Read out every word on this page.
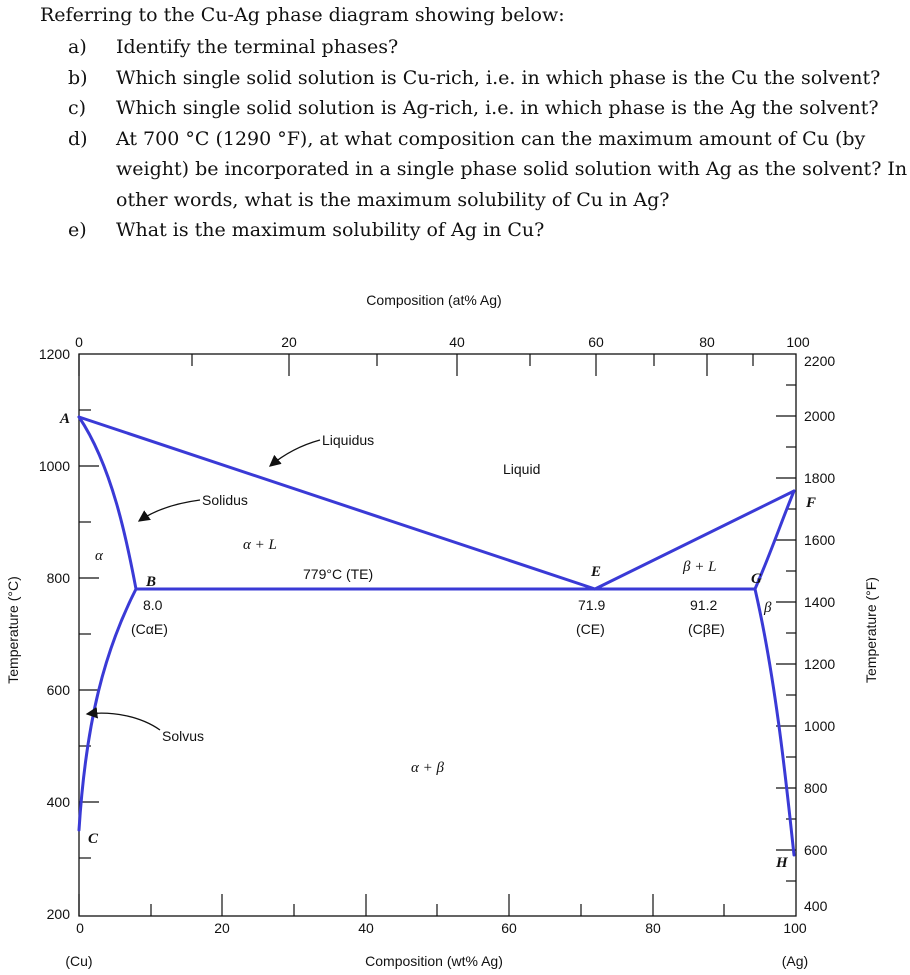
Referring to the Cu-Ag phase diagram showing below:
a) Identify the terminal phases?
b) Which single solid solution is Cu-rich, i.e. in which phase is the Cu the solvent?
c) Which single solid solution is Ag-rich, i.e. in which phase is the Ag the solvent?
d) At 700 °C (1290 °F), at what composition can the maximum amount of Cu (by
weight) be incorporated in a single phase solid solution with Ag as the solvent? In
other words, what is the maximum solubility of Cu in Ag?
e) What is the maximum solubility of Ag in Cu?
Composition (at% Ag)
Composition (wt% Ag)
Temperature (°C)	Temperature (°F)
(Cu)	(Ag)
0	20	40	60	80	100
0	20	40	60	80	100
1200
1000
800
600
400
200
2200
2000
1800
1600
1400
1200
1000
800
600
400
Liquidus
Solidus
Solvus
Liquid
779°C (TE)
8.0
(CαE)
71.9
(CE)
91.2
(CβE)
A
B
C
E
F
G
H
α
α + L
β + L
β
α + β
